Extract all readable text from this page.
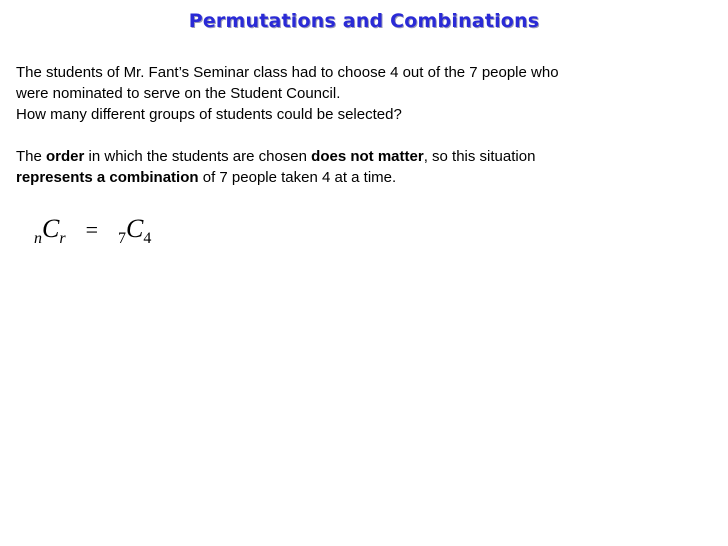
Permutations and Combinations
The students of Mr. Fant’s Seminar class had to choose 4 out of the 7 people who
were nominated to serve on the Student Council.
How many different groups of students could be selected?
The order in which the students are chosen does not matter, so this situation
represents a combination of 7 people taken 4 at a time.
$_nC_r = _7C_4$
